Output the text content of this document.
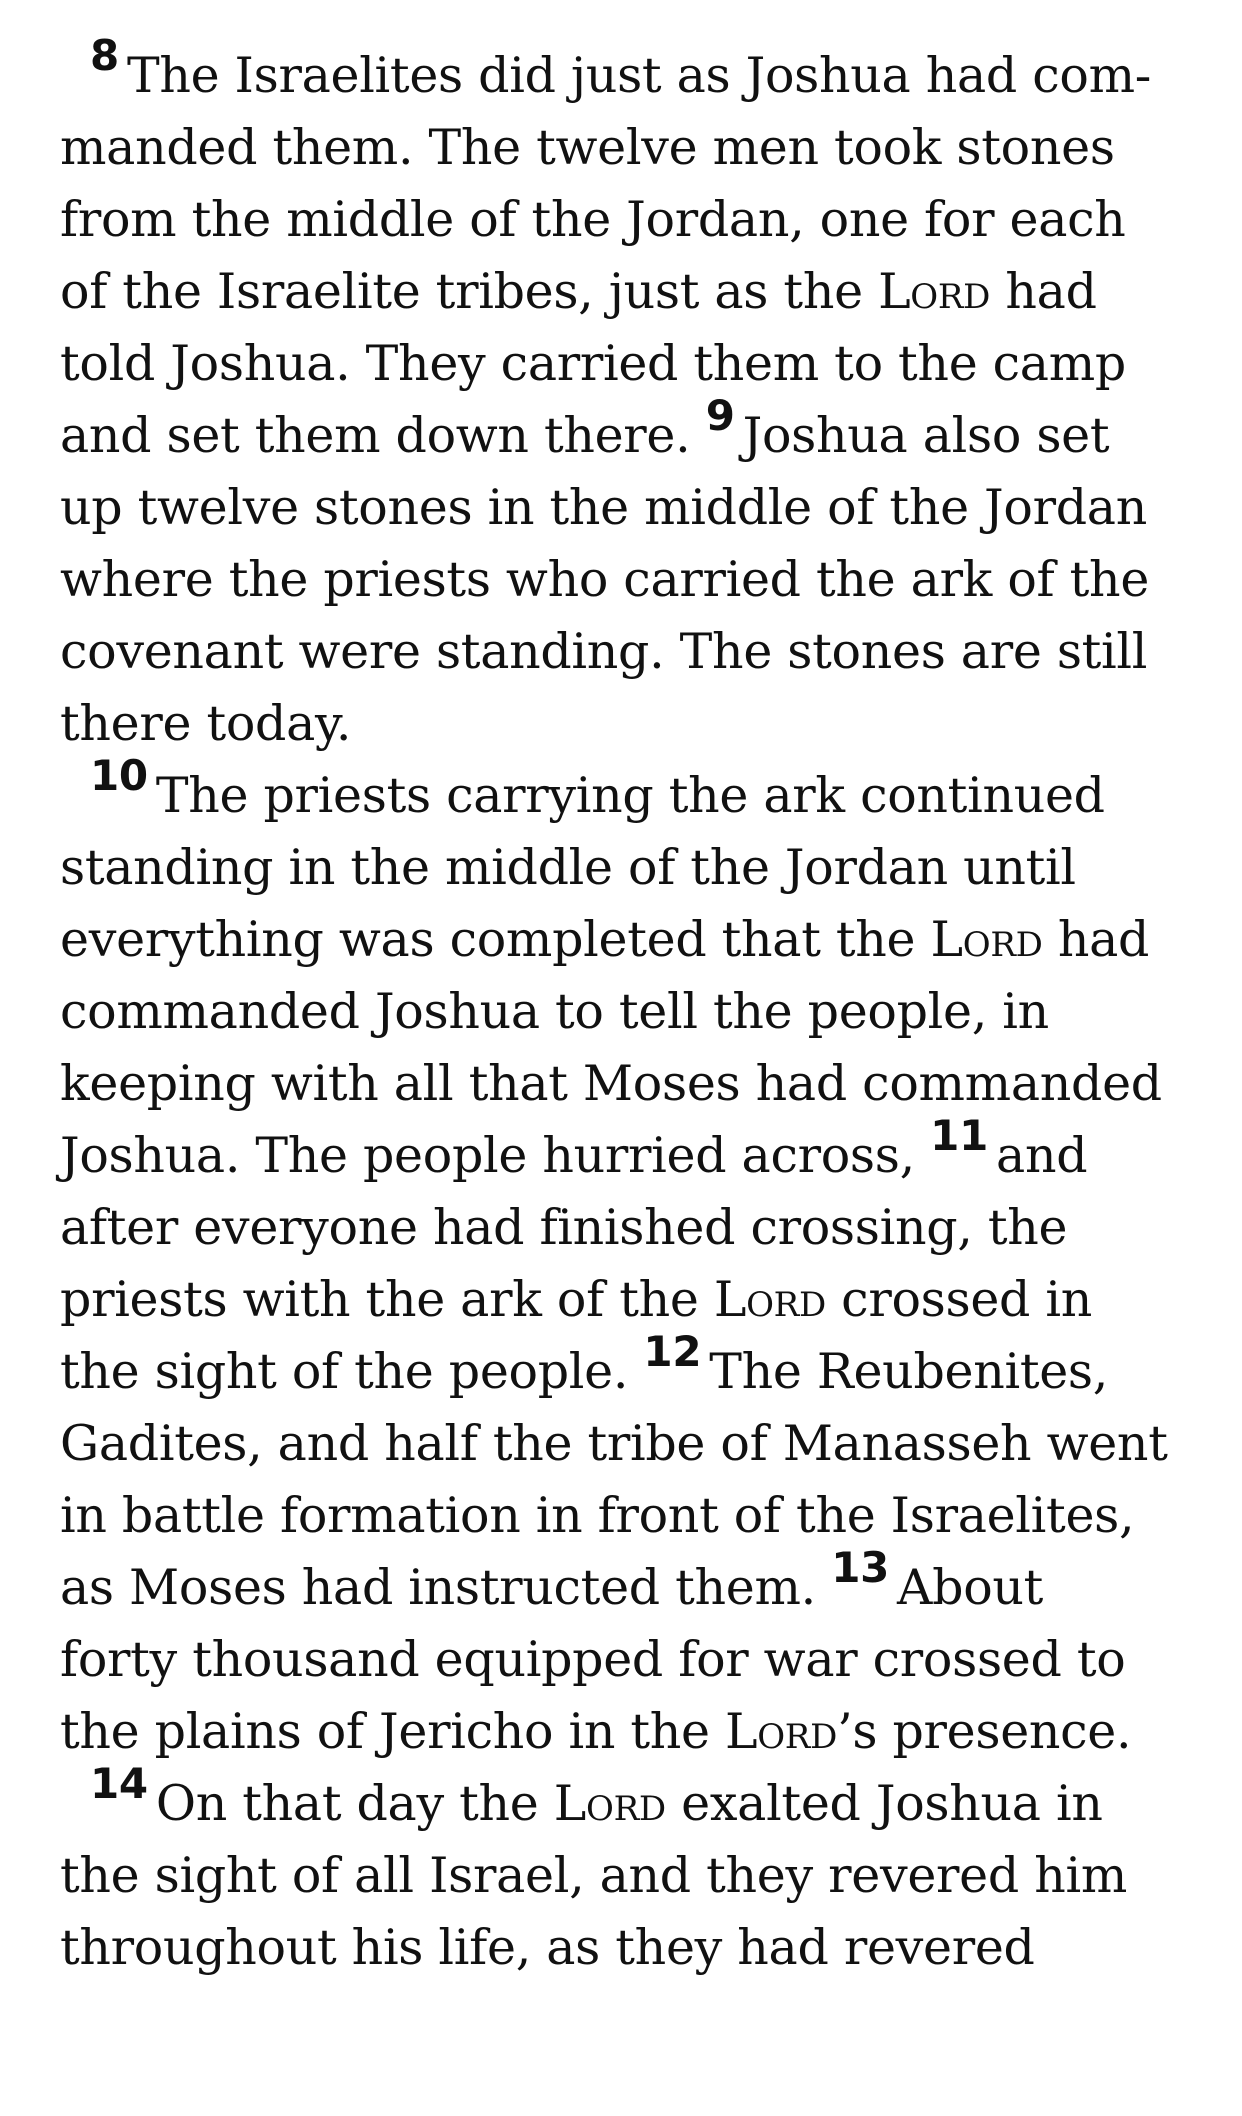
8 The Israelites did just as Joshua had com-
manded them. The twelve men took stones
from the middle of the Jordan, one for each
of the Israelite tribes, just as the Lord had
told Joshua. They carried them to the camp
and set them down there. 9 Joshua also set
up twelve stones in the middle of the Jordan
where the priests who carried the ark of the
covenant were standing. The stones are still
there today.
10 The priests carrying the ark continued
standing in the middle of the Jordan until
everything was completed that the Lord had
commanded Joshua to tell the people, in
keeping with all that Moses had commanded
Joshua. The people hurried across, 11 and
after everyone had finished crossing, the
priests with the ark of the Lord crossed in
the sight of the people. 12 The Reubenites,
Gadites, and half the tribe of Manasseh went
in battle formation in front of the Israelites,
as Moses had instructed them. 13 About
forty thousand equipped for war crossed to
the plains of Jericho in the Lord’s presence.
14 On that day the Lord exalted Joshua in
the sight of all Israel, and they revered him
throughout his life, as they had revered
